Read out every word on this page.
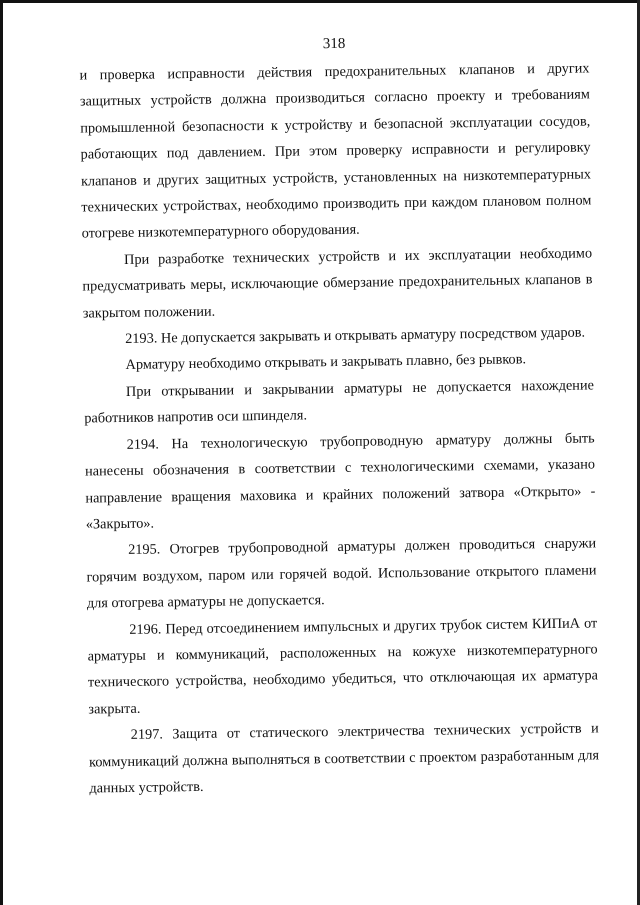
318

и проверка исправности действия предохранительных клапанов и других защитных устройств должна производиться согласно проекту и требованиям промышленной безопасности к устройству и безопасной эксплуатации сосудов, работающих под давлением. При этом проверку исправности и регулировку клапанов и других защитных устройств, установленных на низкотемпературных технических устройствах, необходимо производить при каждом плановом полном отогреве низкотемпературного оборудования.

При разработке технических устройств и их эксплуатации необходимо предусматривать меры, исключающие обмерзание предохранительных клапанов в закрытом положении.

2193. Не допускается закрывать и открывать арматуру посредством ударов.

Арматуру необходимо открывать и закрывать плавно, без рывков.

При открывании и закрывании арматуры не допускается нахождение работников напротив оси шпинделя.

2194. На технологическую трубопроводную арматуру должны быть нанесены обозначения в соответствии с технологическими схемами, указано направление вращения маховика и крайних положений затвора «Открыто» - «Закрыто».

2195. Отогрев трубопроводной арматуры должен проводиться снаружи горячим воздухом, паром или горячей водой. Использование открытого пламени для отогрева арматуры не допускается.

2196. Перед отсоединением импульсных и других трубок систем КИПиА от арматуры и коммуникаций, расположенных на кожухе низкотемпературного технического устройства, необходимо убедиться, что отключающая их арматура закрыта.

2197. Защита от статического электричества технических устройств и коммуникаций должна выполняться в соответствии с проектом разработанным для данных устройств.
